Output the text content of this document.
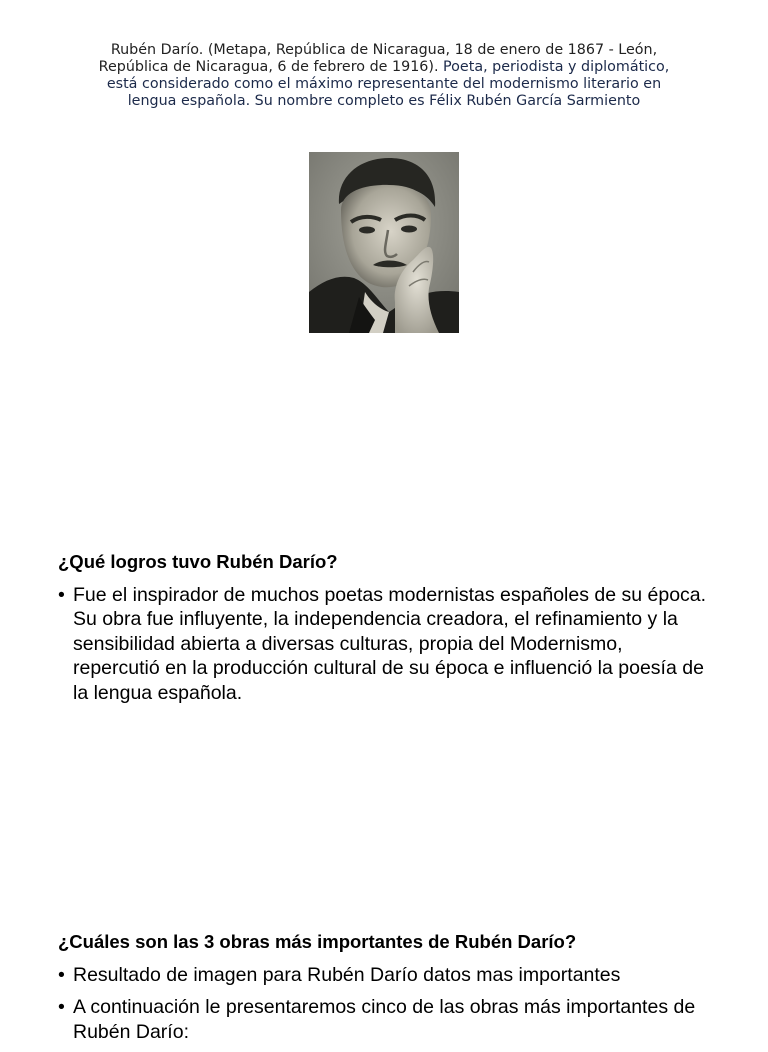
Rubén Darío. (Metapa, República de Nicaragua, 18 de enero de 1867 - León, República de Nicaragua, 6 de febrero de 1916). Poeta, periodista y diplomático, está considerado como el máximo representante del modernismo literario en lengua española. Su nombre completo es Félix Rubén García Sarmiento
¿Qué logros tuvo Rubén Darío?
• Fue el inspirador de muchos poetas modernistas españoles de su época. Su obra fue influyente, la independencia creadora, el refinamiento y la sensibilidad abierta a diversas culturas, propia del Modernismo, repercutió en la producción cultural de su época e influenció la poesía de la lengua española.
¿Cuáles son las 3 obras más importantes de Rubén Darío?
• Resultado de imagen para Rubén Darío datos mas importantes
• A continuación le presentaremos cinco de las obras más importantes de Rubén Darío:
